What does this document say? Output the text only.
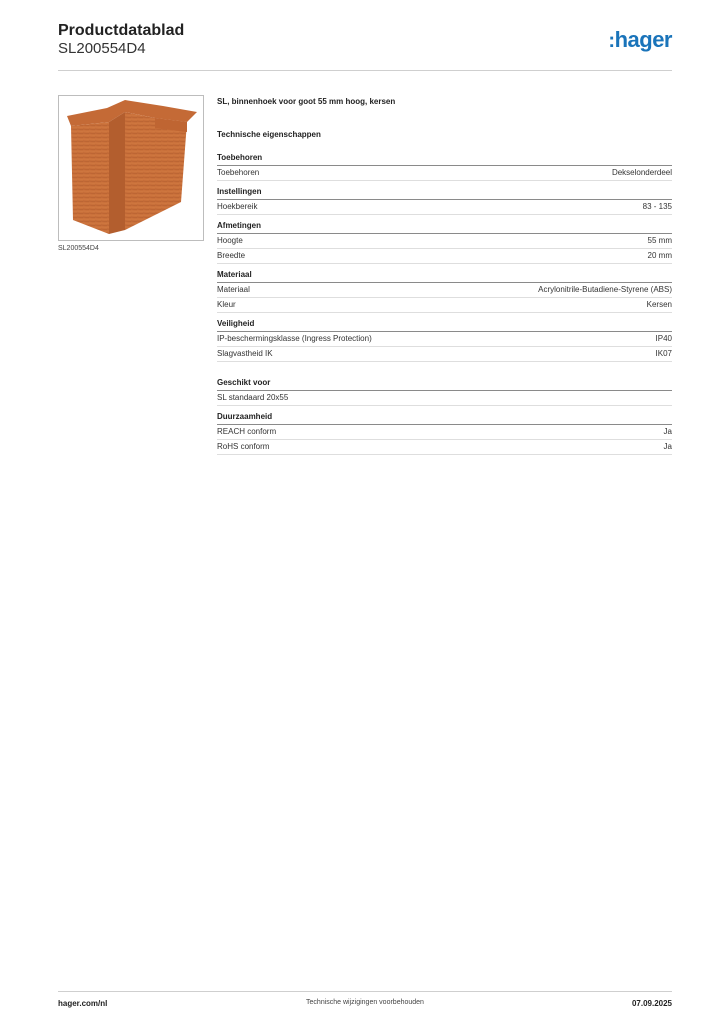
Productdatablad
SL200554D4	:hager
SL200554D4
SL, binnenhoek voor goot 55 mm hoog, kersen
Technische eigenschappen
Toebehoren
Toebehoren	Dekselonderdeel
Instellingen
Hoekbereik	83 - 135
Afmetingen
Hoogte	55 mm
Breedte	20 mm
Materiaal
Materiaal	Acrylonitrile-Butadiene-Styrene (ABS)
Kleur	Kersen
Veiligheid
IP-beschermingsklasse (Ingress Protection)	IP40
Slagvastheid IK	IK07
Geschikt voor
SL standaard 20x55
Duurzaamheid
REACH conform	Ja
RoHS conform	Ja
hager.com/nl	Technische wijzigingen voorbehouden	07.09.2025
